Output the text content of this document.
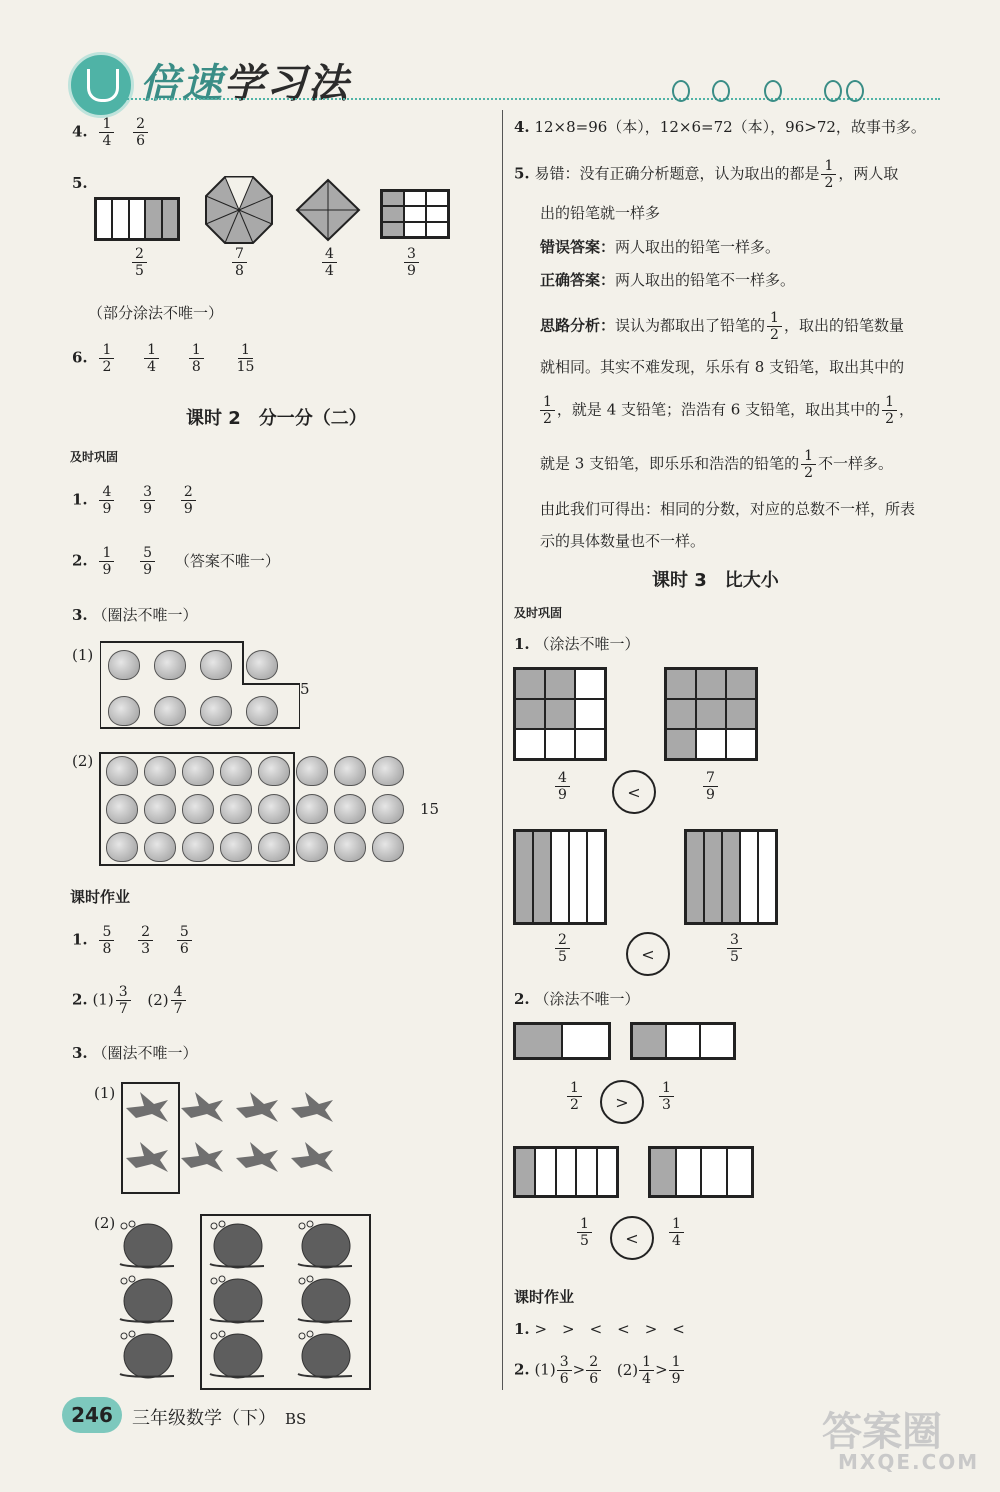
倍速学习法
4. $\frac{1}{4}$
$\frac{2}{6}$
5.
$\frac{2}{5}$	$\frac{7}{8}$	$\frac{4}{4}$	$\frac{3}{9}$
（部分涂法不唯一）
6. $\frac{1}{2}$
$\frac{1}{4}$
$\frac{1}{8}$
$\frac{1}{15}$
课时 2　分一分（二）
及时巩固
1. $\frac{4}{9}$
$\frac{3}{9}$
$\frac{2}{9}$
2. $\frac{1}{9}$
$\frac{5}{9}$ （答案不唯一）
3. （圈法不唯一）
(1)
5
(2)
15
课时作业
1. $\frac{5}{8}$
$\frac{2}{3}$
$\frac{5}{6}$
2. $(1) \frac{3}{7} (2) \frac{4}{7}$
3. （圈法不唯一）
(1)
(2)
4. 12×8=96（本），12×6=72（本），96>72，故事书多。
5. 易错：没有正确分析题意，认为取出的都是 $\frac{1}{2}$ ，两人取
出的铅笔就一样多
错误答案：两人取出的铅笔一样多。
正确答案：两人取出的铅笔不一样多。
思路分析：误认为都取出了铅笔的 $\frac{1}{2}$ ，取出的铅笔数量
就相同。其实不难发现，乐乐有 8 支铅笔，取出其中的
$\frac{1}{2}$ ，就是 4 支铅笔；浩浩有 6 支铅笔，取出其中的 $\frac{1}{2}$ ，
就是 3 支铅笔，即乐乐和浩浩的铅笔的 $\frac{1}{2}$ 不一样多。
由此我们可得出：相同的分数，对应的总数不一样，所表
示的具体数量也不一样。
课时 3　比大小
及时巩固
1. （涂法不唯一）
$\frac{4}{9}$	<	$\frac{7}{9}$
$\frac{2}{5}$	<	$\frac{3}{5}$
2. （涂法不唯一）
$\frac{1}{2}$	>	$\frac{1}{3}$
$\frac{1}{5}$	<	$\frac{1}{4}$
课时作业
1. >　>　<　<　>　<
2. $(1) \frac{3}{6} > \frac{2}{6} (2) \frac{1}{4} > \frac{1}{9}$
246	三年级数学（下）　 BS	答案圈
MXQE.COM
